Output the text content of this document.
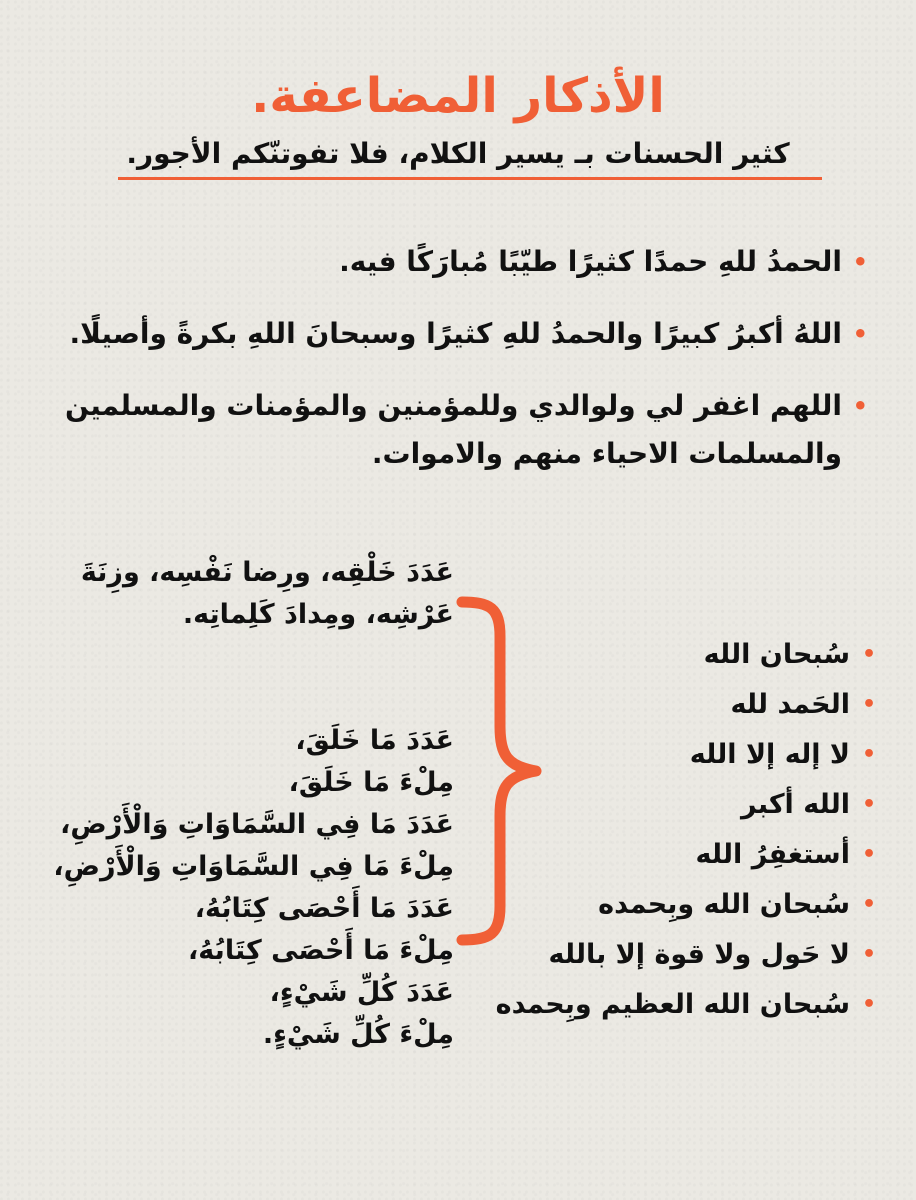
الأذكار المضاعفة.
كثير الحسنات بـ يسير الكلام، فلا تفوتنّكم الأجور.
•
الحمدُ للهِ حمدًا كثيرًا طيّبًا مُبارَكًا فيه.
•
اللهُ أكبرُ كبيرًا والحمدُ للهِ كثيرًا وسبحانَ اللهِ بكرةً وأصيلًا.
•
اللهم اغفر لي ولوالدي وللمؤمنين والمؤمنات والمسلمين والمسلمات الاحياء منهم والاموات.
عَدَدَ خَلْقِه، ورِضا نَفْسِه، وزِنَةَ
عَرْشِه، ومِدادَ كَلِماتِه.
عَدَدَ مَا خَلَقَ،
مِلْءَ مَا خَلَقَ،
عَدَدَ مَا فِي السَّمَاوَاتِ وَالْأَرْضِ،
مِلْءَ مَا فِي السَّمَاوَاتِ وَالْأَرْضِ،
عَدَدَ مَا أَحْصَى كِتَابُهُ،
مِلْءَ مَا أَحْصَى كِتَابُهُ،
عَدَدَ كُلِّ شَيْءٍ،
مِلْءَ كُلِّ شَيْءٍ.
•
سُبحان الله
•
الحَمد لله
•
لا إله إلا الله
•
الله أكبر
•
أستغفِرُ الله
•
سُبحان الله وبِحمده
•
لا حَول ولا قوة إلا بالله
•
سُبحان الله العظيم وبِحمده
